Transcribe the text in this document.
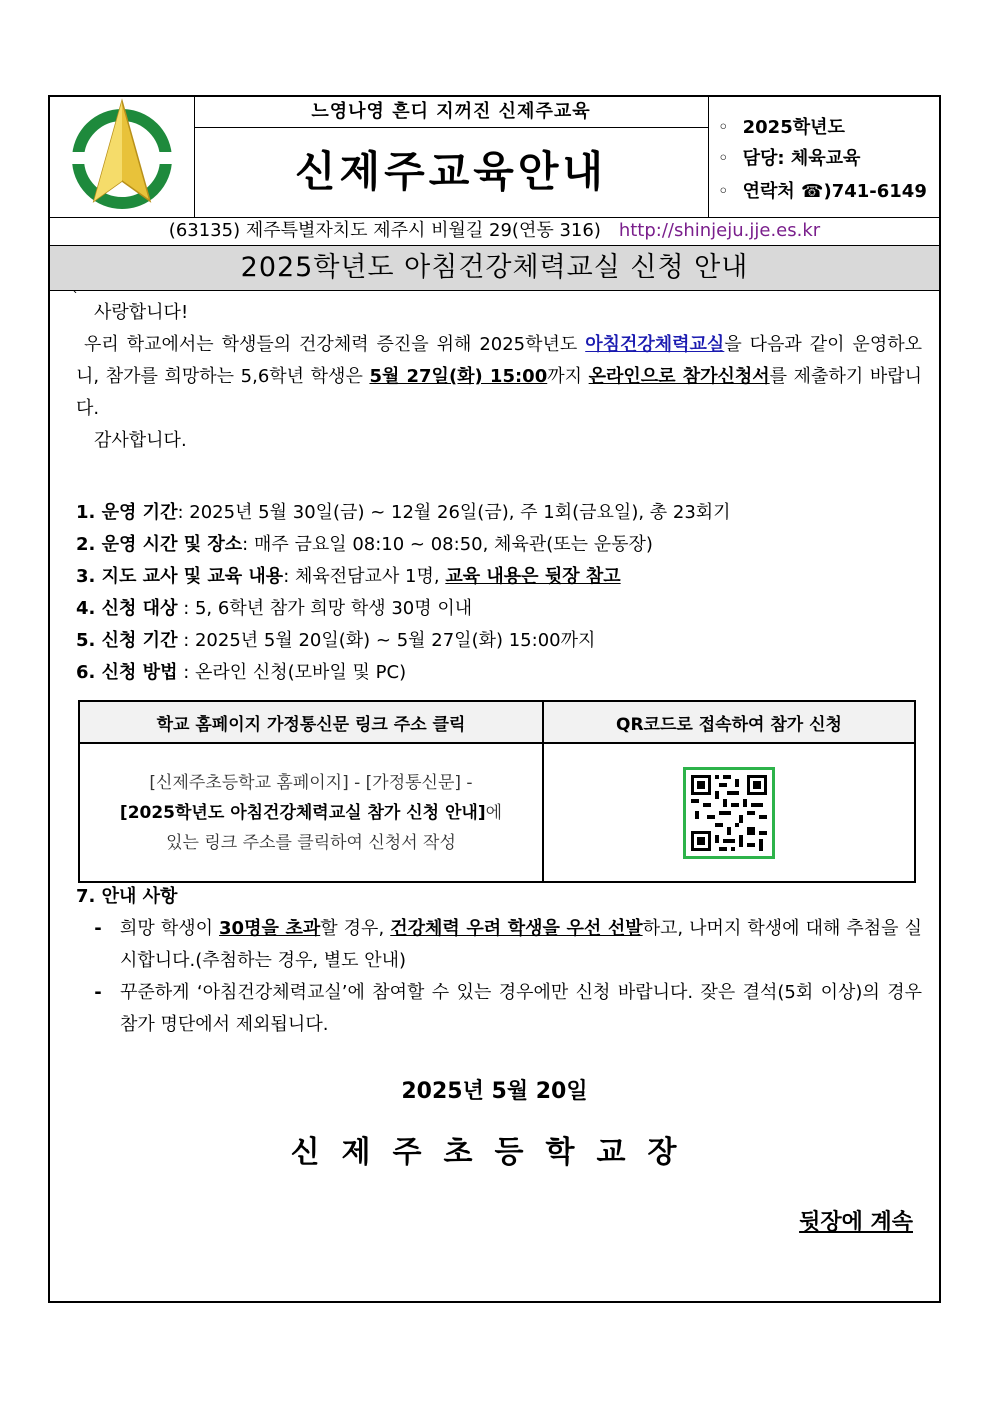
느영나영 흔디 지꺼진 신제주교육
신제주교육안내
◦ 2025학년도
◦ 담당: 체육교육
◦ 연락처 ☎)741-6149
(63135) 제주특별자치도 제주시 비월길 29(연동 316) http://shinjeju.jje.es.kr
2025학년도 아침건강체력교실 신청 안내
`

사랑합니다!

우리 학교에서는 학생들의 건강체력 증진을 위해 2025학년도 아침건강체력교실을 다음과 같이 운영하오니, 참가를 희망하는 5,6학년 학생은 5월 27일(화) 15:00까지 온라인으로 참가신청서를 제출하기 바랍니다.

감사합니다.

1. 운영 기간: 2025년 5월 30일(금) ~ 12월 26일(금), 주 1회(금요일), 총 23회기
2. 운영 시간 및 장소: 매주 금요일 08:10 ~ 08:50, 체육관(또는 운동장)
3. 지도 교사 및 교육 내용: 체육전담교사 1명, 교육 내용은 뒷장 참고
4. 신청 대상 : 5, 6학년 참가 희망 학생 30명 이내
5. 신청 기간 : 2025년 5월 20일(화) ~ 5월 27일(화) 15:00까지
6. 신청 방법 : 온라인 신청(모바일 및 PC)
학교 홈페이지 가정통신문 링크 주소 클릭	QR코드로 접속하여 참가 신청

[신제주초등학교 홈페이지] - [가정통신문] -
[2025학년도 아침건강체력교실 참가 신청 안내]에
있는 링크 주소를 클릭하여 신청서 작성

7. 안내 사항
-	희망 학생이 30명을 초과할 경우, 건강체력 우려 학생을 우선 선발하고, 나머지 학생에 대해 추첨을 실시합니다.(추첨하는 경우, 별도 안내)
-	꾸준하게 ‘아침건강체력교실’에 참여할 수 있는 경우에만 신청 바랍니다. 잦은 결석(5회 이상)의 경우 참가 명단에서 제외됩니다.
2025년 5월 20일
신제주초등학교장
뒷장에 계속
